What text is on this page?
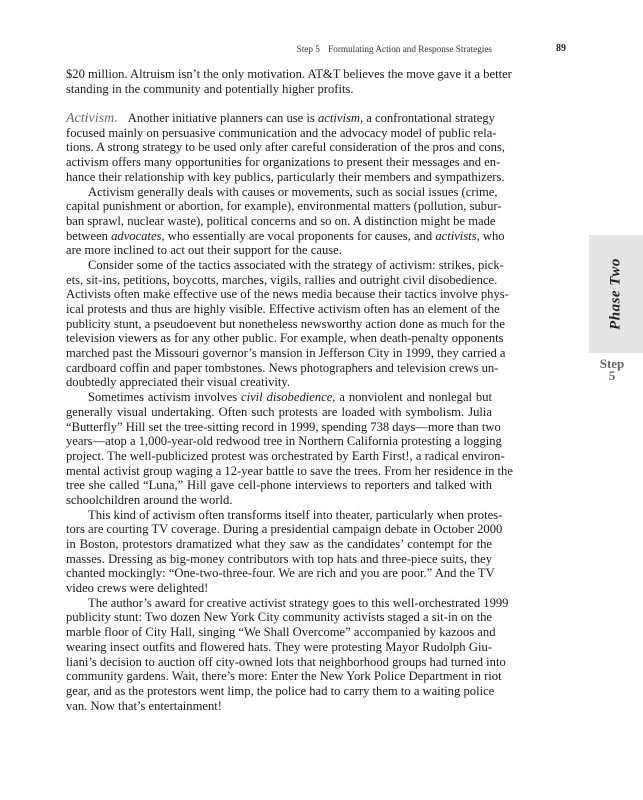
Step 5 Formulating Action and Response Strategies	89
$20 million. Altruism isn’t the only motivation. AT&T believes the move gave it a better
standing in the community and potentially higher profits.
Activism. Another initiative planners can use is activism, a confrontational strategy
focused mainly on persuasive communication and the advocacy model of public rela-
tions. A strong strategy to be used only after careful consideration of the pros and cons,
activism offers many opportunities for organizations to present their messages and en-
hance their relationship with key publics, particularly their members and sympathizers.
Activism generally deals with causes or movements, such as social issues (crime,
capital punishment or abortion, for example), environmental matters (pollution, subur-
ban sprawl, nuclear waste), political concerns and so on. A distinction might be made
between advocates, who essentially are vocal proponents for causes, and activists, who
are more inclined to act out their support for the cause.
Consider some of the tactics associated with the strategy of activism: strikes, pick-
ets, sit-ins, petitions, boycotts, marches, vigils, rallies and outright civil disobedience.
Activists often make effective use of the news media because their tactics involve phys-
ical protests and thus are highly visible. Effective activism often has an element of the
publicity stunt, a pseudoevent but nonetheless newsworthy action done as much for the
television viewers as for any other public. For example, when death-penalty opponents
marched past the Missouri governor’s mansion in Jefferson City in 1999, they carried a
cardboard coffin and paper tombstones. News photographers and television crews un-
doubtedly appreciated their visual creativity.
Sometimes activism involves civil disobedience, a nonviolent and nonlegal but
generally visual undertaking. Often such protests are loaded with symbolism. Julia
“Butterfly” Hill set the tree-sitting record in 1999, spending 738 days—more than two
years—atop a 1,000-year-old redwood tree in Northern California protesting a logging
project. The well-publicized protest was orchestrated by Earth First!, a radical environ-
mental activist group waging a 12-year battle to save the trees. From her residence in the
tree she called “Luna,” Hill gave cell-phone interviews to reporters and talked with
schoolchildren around the world.
This kind of activism often transforms itself into theater, particularly when protes-
tors are courting TV coverage. During a presidential campaign debate in October 2000
in Boston, protestors dramatized what they saw as the candidates’ contempt for the
masses. Dressing as big-money contributors with top hats and three-piece suits, they
chanted mockingly: “One-two-three-four. We are rich and you are poor.” And the TV
video crews were delighted!
The author’s award for creative activist strategy goes to this well-orchestrated 1999
publicity stunt: Two dozen New York City community activists staged a sit-in on the
marble floor of City Hall, singing “We Shall Overcome” accompanied by kazoos and
wearing insect outfits and flowered hats. They were protesting Mayor Rudolph Giu-
liani’s decision to auction off city-owned lots that neighborhood groups had turned into
community gardens. Wait, there’s more: Enter the New York Police Department in riot
gear, and as the protestors went limp, the police had to carry them to a waiting police
van. Now that’s entertainment!
Phase Two
Step
5
